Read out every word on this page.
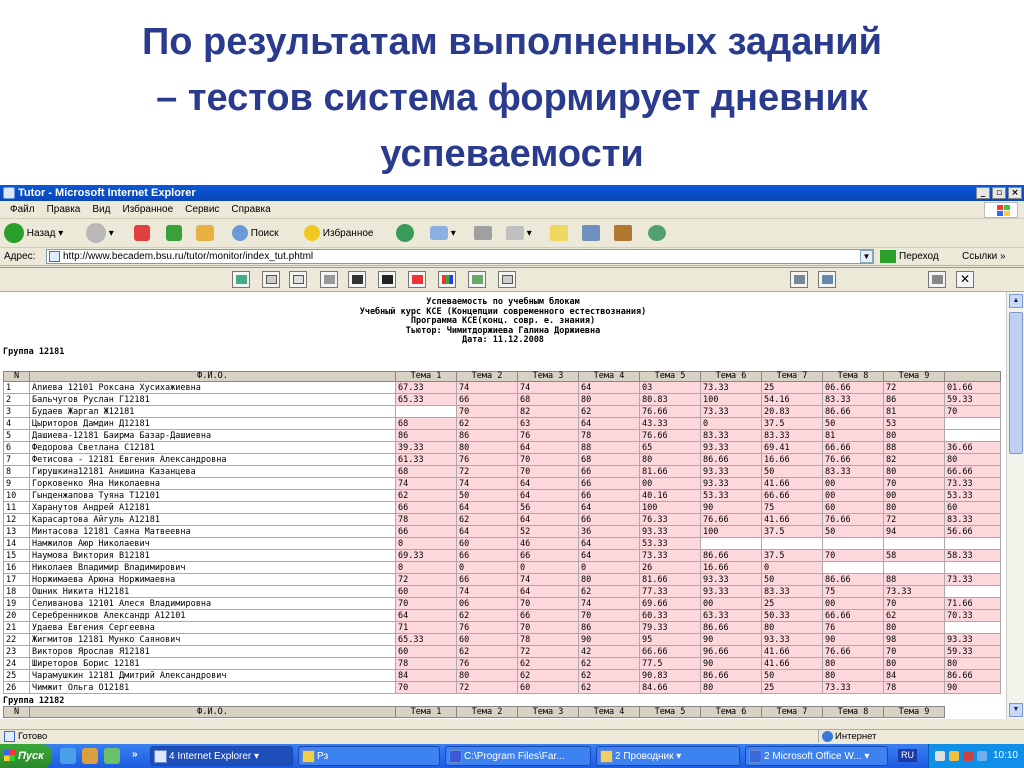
По результатам выполненных заданий
– тестов система формирует дневник
успеваемости
Tutor - Microsoft Internet Explorer	_	▫	×
Файл Правка Вид Избранное Сервис Справка
Назад ▾	▾	Поиск	Избранное	▾	▾
Адрес:	http://www.becadem.bsu.ru/tutor/monitor/index_tut.phtml	▼	Переход Ссылки »
✕
Успеваемость по учебным блокам
Учебный курс КСЕ (Концепции современного естествознания)
Программа КСЕ(конц. совр. е. знания)
Тьютор: Чимитдоржиева Галина Доржиевна
Дата: 11.12.2008
Группа 12181
N	Ф.И.О.	Тема 1	Тема 2	Тема 3	Тема 4	Тема 5	Тема 6	Тема 7	Тема 8	Тема 9	
1	Алиева 12101 Роксана Хусихажиевна	67.33	74	74	64	03	73.33	25	06.66	72	01.66
2	Бальчугов Руслан Г12181	65.33	66	68	80	80.83	100	54.16	83.33	86	59.33
3	Будаев Жаргал Ж12181		70	82	62	76.66	73.33	20.83	86.66	81	70
4	Цыриторов Дамдин Д12181	68	62	63	64	43.33	0	37.5	50	53	
5	Дашиева-12181 Баирма Базар-Дашиевна	86	86	76	78	76.66	83.33	83.33	81	80	
6	Федорова Светлана С12181	39.33	80	64	88	65	93.33	69.41	66.66	88	36.66
7	Фетисова - 12181 Евгения Александровна	61.33	76	70	68	80	86.66	16.66	76.66	82	80
8	Гирушкина12181 Анишина Казанцева	68	72	70	66	81.66	93.33	50	83.33	80	66.66
9	Горковенко Яна Николаевна	74	74	64	66	00	93.33	41.66	00	70	73.33
10	Гынденжапова Туяна Т12101	62	50	64	66	40.16	53.33	66.66	00	00	53.33
11	Харанутов Андрей А12181	66	64	56	64	100	90	75	60	80	60
12	Карасартова Айгуль А12181	78	62	64	66	76.33	76.66	41.66	76.66	72	83.33
13	Минтасова 12181 Саяна Матвеевна	66	64	52	36	93.33	100	37.5	50	94	56.66
14	Намжилов Аюр Николаевич	0	60	46	64	53.33					
15	Наумова Виктория В12181	69.33	66	66	64	73.33	86.66	37.5	70	58	58.33
16	Николаев Владимир Владимирович	0	0	0	0	26	16.66	0			
17	Норжимаева Арюна Норжимаевна	72	66	74	80	81.66	93.33	50	86.66	88	73.33
18	Ошник Никита Н12181	60	74	64	62	77.33	93.33	83.33	75	73.33	
19	Селиванова 12101 Алеся Владимировна	70	06	70	74	69.66	00	25	00	70	71.66
20	Серебренников Александр А12101	64	62	66	70	60.33	63.33	50.33	66.66	62	70.33
21	Удаева Евгения Сергеевна	71	76	70	86	79.33	86.66	80	76	80	
22	Жигмитов 12181 Мунко Саянович	65.33	60	78	90	95	90	93.33	90	98	93.33
23	Викторов Ярослав Я12181	60	62	72	42	66.66	96.66	41.66	76.66	70	59.33
24	Ширеторов Борис 12181	78	76	62	62	77.5	90	41.66	80	80	80
25	Чарамушкин 12181 Дмитрий Александрович	84	80	62	62	90.83	86.66	50	80	84	86.66
26	Чимжит Ольга О12181	70	72	60	62	84.66	80	25	73.33	78	90
Группа 12182
N	Ф.И.О.	Тема 1	Тема 2	Тема 3	Тема 4	Тема 5	Тема 6	Тема 7	Тема 8	Тема 9	
▲
▼
Готово	Интернет
Пуск	»	4 Internet Explorer ▾	Рз	C:\Program Files\Far...	2 Проводник ▾	2 Microsoft Office W... ▾	RU	10:10
